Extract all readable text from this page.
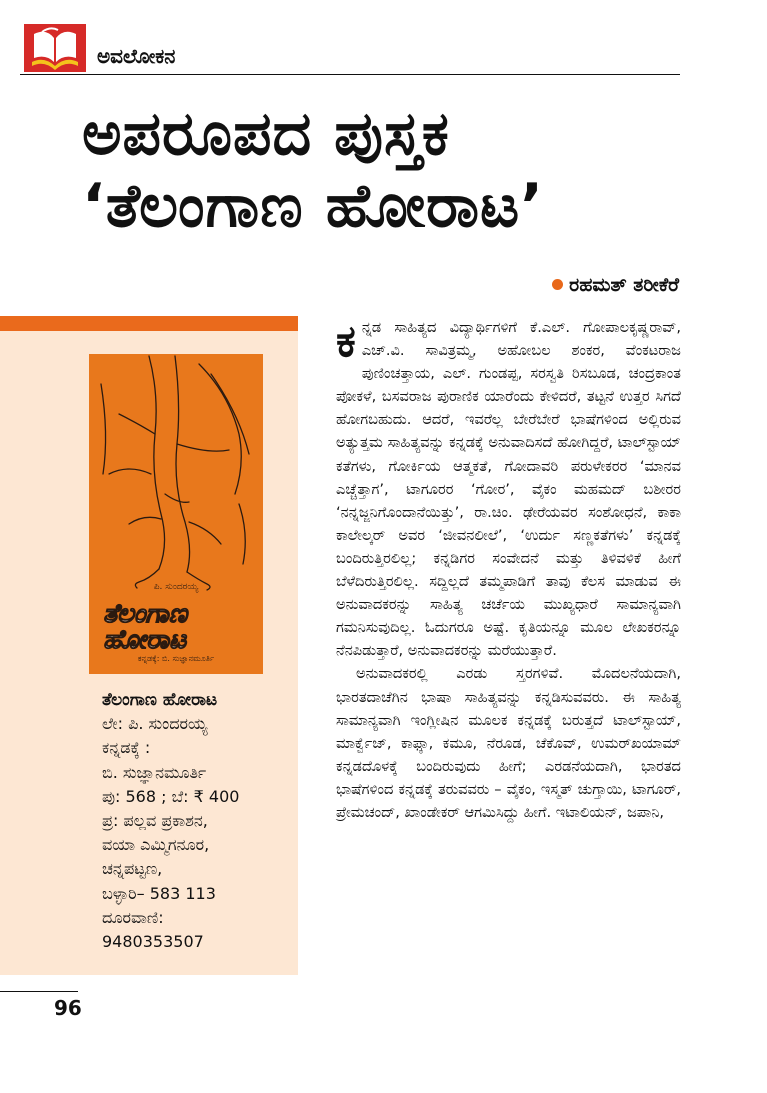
ಅವಲೋಕನ
ಅಪರೂಪದ ಪುಸ್ತಕ
‘ತೆಲಂಗಾಣ ಹೋರಾಟ’
ರಹಮತ್ ತರೀಕೆರೆ
ಪಿ. ಸುಂದರಯ್ಯ
ತೆಲಂಗಾಣ ಹೋರಾಟ
ಕನ್ನಡಕ್ಕೆ: ಬಿ. ಸುಜ್ಞಾನಮೂರ್ತಿ
ತೆಲಂಗಾಣ ಹೋರಾಟ
ಲೇ: ಪಿ. ಸುಂದರಯ್ಯ
ಕನ್ನಡಕ್ಕೆ :
ಬಿ. ಸುಜ್ಞಾನಮೂರ್ತಿ
ಪು: 568 ; ಬೆ: ₹ 400
ಪ್ರ: ಪಲ್ಲವ ಪ್ರಕಾಶನ,
ವಯಾ ಎಮ್ಮಿಗನೂರ,
ಚನ್ನಪಟ್ಟಣ,
ಬಳ್ಳಾರಿ– 583 113
ದೂರವಾಣಿ:
9480353507

ಕನ್ನಡ ಸಾಹಿತ್ಯದ ವಿದ್ಯಾರ್ಥಿಗಳಿಗೆ ಕೆ.ಎಲ್. ಗೋಪಾಲಕೃಷ್ಣರಾವ್, ಎಚ್.ವಿ. ಸಾವಿತ್ರಮ್ಮ, ಅಹೋಬಲ ಶಂಕರ, ವೆಂಕಟರಾಜ ಪುಣಿಂಚತ್ತಾಯ, ಎಲ್. ಗುಂಡಪ್ಪ, ಸರಸ್ವತಿ ರಿಸಬೂಡ, ಚಂದ್ರಕಾಂತ ಪೋಕಳೆ, ಬಸವರಾಜ ಪುರಾಣಿಕ ಯಾರೆಂದು ಕೇಳಿದರೆ, ತಟ್ಟನೆ ಉತ್ತರ ಸಿಗದೆ ಹೋಗಬಹುದು. ಆದರೆ, ಇವರೆಲ್ಲ ಬೇರೆಬೇರೆ ಭಾಷೆಗಳಿಂದ ಅಲ್ಲಿರುವ ಅತ್ಯುತ್ತಮ ಸಾಹಿತ್ಯವನ್ನು ಕನ್ನಡಕ್ಕೆ ಅನುವಾದಿಸದೆ ಹೋಗಿದ್ದರೆ, ಟಾಲ್‌ಸ್ಟಾಯ್ ಕತೆಗಳು, ಗೋರ್ಕಿಯ ಆತ್ಮಕತೆ, ಗೋದಾವರಿ ಪರುಳೇಕರರ ‘ಮಾನವ ಎಚ್ಚೆತ್ತಾಗ’, ಟಾಗೂರರ ‘ಗೋರ’, ವೈಕಂ ಮಹಮದ್ ಬಶೀರರ ‘ನನ್ನಜ್ಜನಿಗೊಂದಾನೆಯಿತ್ತು’, ರಾ.ಚಿಂ. ಢೇರೆಯವರ ಸಂಶೋಧನೆ, ಕಾಕಾ ಕಾಲೇಲ್ಕರ್ ಅವರ ‘ಜೀವನಲೀಲೆ’, ‘ಉರ್ದು ಸಣ್ಣಕತೆಗಳು’ ಕನ್ನಡಕ್ಕೆ ಬಂದಿರುತ್ತಿರಲಿಲ್ಲ; ಕನ್ನಡಿಗರ ಸಂವೇದನೆ ಮತ್ತು ತಿಳಿವಳಿಕೆ ಹೀಗೆ ಬೆಳೆದಿರುತ್ತಿರಲಿಲ್ಲ. ಸದ್ದಿಲ್ಲದೆ ತಮ್ಮಪಾಡಿಗೆ ತಾವು ಕೆಲಸ ಮಾಡುವ ಈ ಅನುವಾದಕರನ್ನು ಸಾಹಿತ್ಯ ಚರ್ಚೆಯ ಮುಖ್ಯಧಾರೆ ಸಾಮಾನ್ಯವಾಗಿ ಗಮನಿಸುವುದಿಲ್ಲ. ಓದುಗರೂ ಅಷ್ಟೆ. ಕೃತಿಯನ್ನೂ ಮೂಲ ಲೇಖಕರನ್ನೂ ನೆನಪಿಡುತ್ತಾರೆ, ಅನುವಾದಕರನ್ನು ಮರೆಯುತ್ತಾರೆ.

ಅನುವಾದಕರಲ್ಲಿ ಎರಡು ಸ್ತರಗಳಿವೆ. ಮೊದಲನೆಯದಾಗಿ, ಭಾರತದಾಚೆಗಿನ ಭಾಷಾ ಸಾಹಿತ್ಯವನ್ನು ಕನ್ನಡಿಸುವವರು. ಈ ಸಾಹಿತ್ಯ ಸಾಮಾನ್ಯವಾಗಿ ಇಂಗ್ಲೀಷಿನ ಮೂಲಕ ಕನ್ನಡಕ್ಕೆ ಬರುತ್ತದೆ ಟಾಲ್‌ಸ್ಟಾಯ್, ಮಾರ್ಕ್ವೆಜ್, ಕಾಫ್ಕಾ, ಕಮೂ, ನೆರೂಡ, ಚೆಕೊವ್, ಉಮರ್‌ಖಯಾಮ್ ಕನ್ನಡದೊಳಕ್ಕೆ ಬಂದಿರುವುದು ಹೀಗೆ; ಎರಡನೆಯದಾಗಿ, ಭಾರತದ ಭಾಷೆಗಳಿಂದ ಕನ್ನಡಕ್ಕೆ ತರುವವರು – ವೈಕಂ, ಇಸ್ಮತ್ ಚುಗ್ತಾಯಿ, ಟಾಗೂರ್, ಪ್ರೇಮಚಂದ್, ಖಾಂಡೇಕರ್ ಆಗಮಿಸಿದ್ದು ಹೀಗೆ. ಇಟಾಲಿಯನ್, ಜಪಾನಿ,

96
